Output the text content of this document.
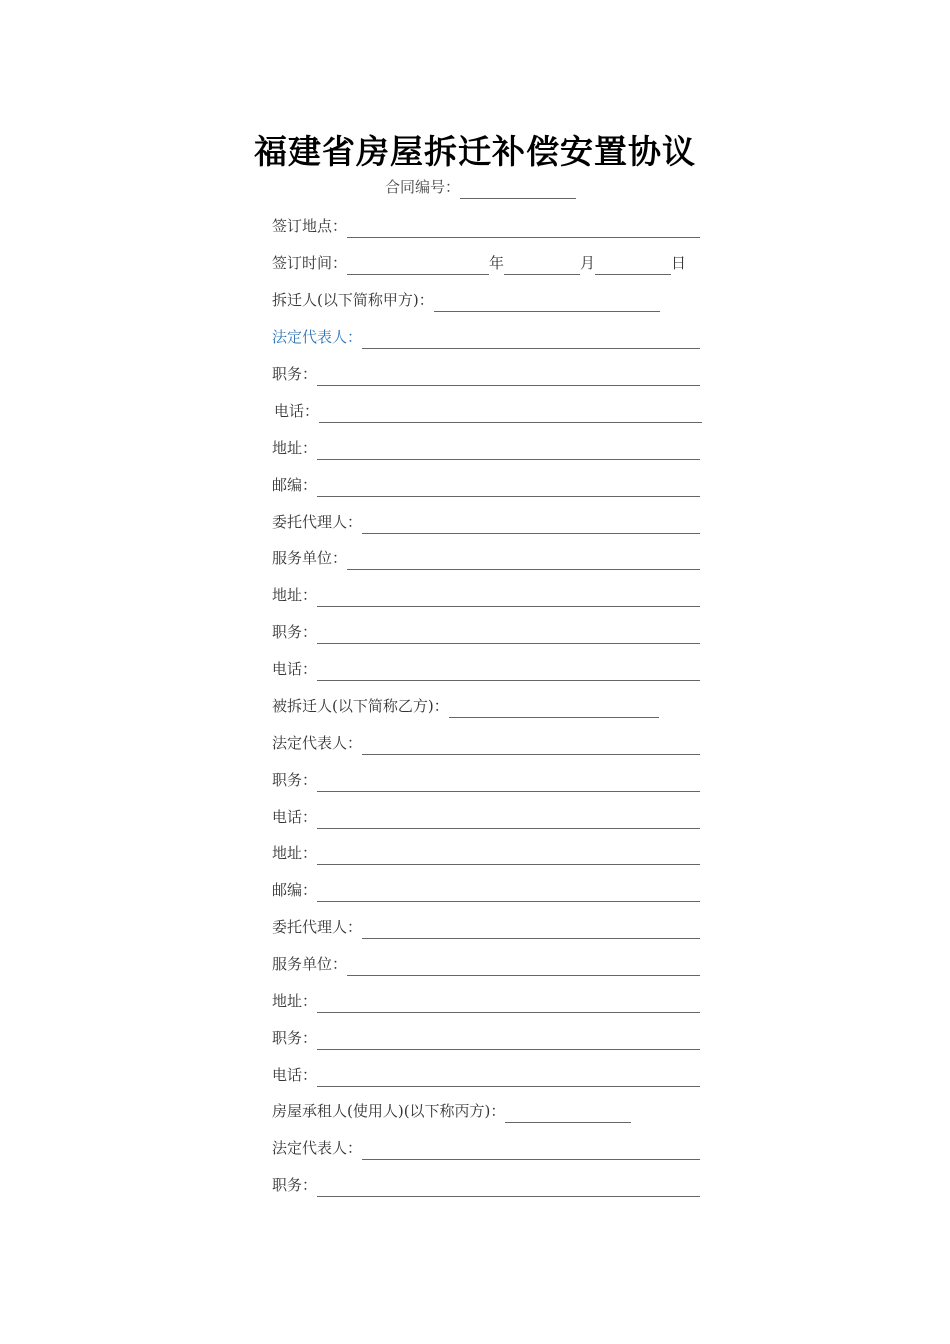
福建省房屋拆迁补偿安置协议
合同编号：
签订地点：
签订时间：	年	月	日
拆迁人(以下简称甲方)：
法定代表人：
职务：
电话：
地址：
邮编：
委托代理人：
服务单位：
地址：
职务：
电话：
被拆迁人(以下简称乙方)：
法定代表人：
职务：
电话：
地址：
邮编：
委托代理人：
服务单位：
地址：
职务：
电话：
房屋承租人(使用人)(以下称丙方)：
法定代表人：
职务：
